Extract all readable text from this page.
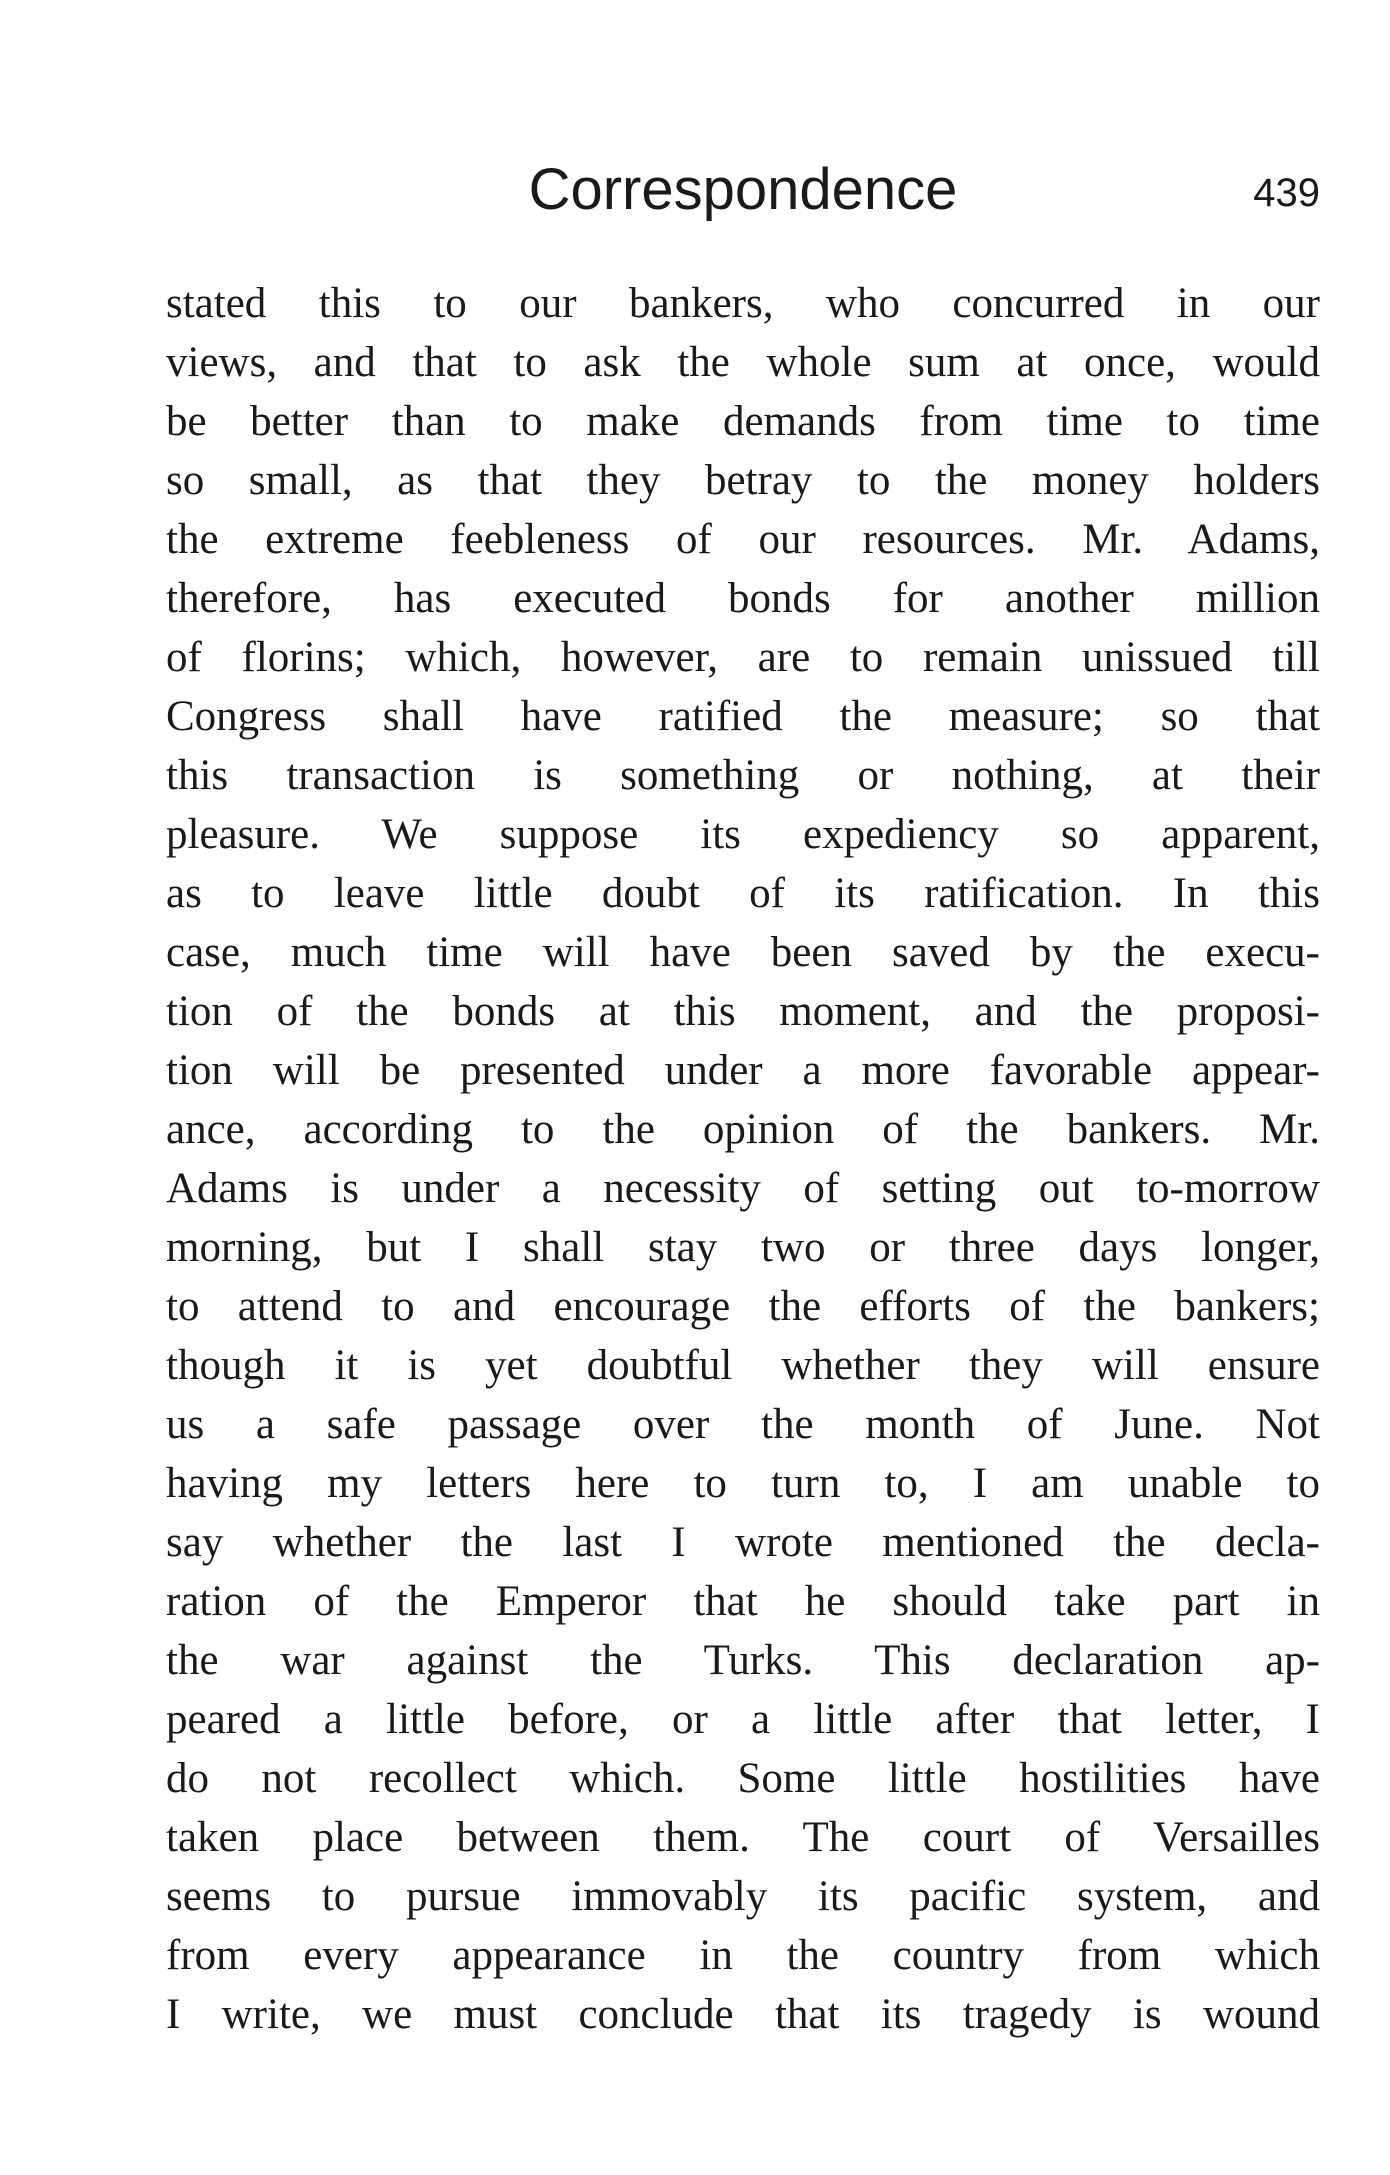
Correspondence	439
stated this to our bankers, who concurred in our
views, and that to ask the whole sum at once, would
be better than to make demands from time to time
so small, as that they betray to the money holders
the extreme feebleness of our resources. Mr. Adams,
therefore, has executed bonds for another million
of florins; which, however, are to remain unissued till
Congress shall have ratified the measure; so that
this transaction is something or nothing, at their
pleasure. We suppose its expediency so apparent,
as to leave little doubt of its ratification. In this
case, much time will have been saved by the execu-
tion of the bonds at this moment, and the proposi-
tion will be presented under a more favorable appear-
ance, according to the opinion of the bankers. Mr.
Adams is under a necessity of setting out to-morrow
morning, but I shall stay two or three days longer,
to attend to and encourage the efforts of the bankers;
though it is yet doubtful whether they will ensure
us a safe passage over the month of June. Not
having my letters here to turn to, I am unable to
say whether the last I wrote mentioned the decla-
ration of the Emperor that he should take part in
the war against the Turks. This declaration ap-
peared a little before, or a little after that letter, I
do not recollect which. Some little hostilities have
taken place between them. The court of Versailles
seems to pursue immovably its pacific system, and
from every appearance in the country from which
I write, we must conclude that its tragedy is wound
